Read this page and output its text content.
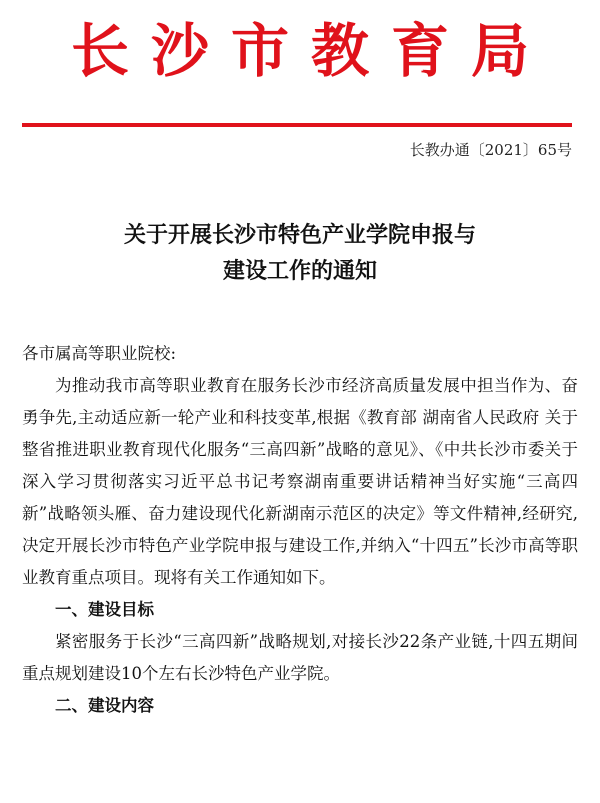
长沙市教育局
长教办通〔2021〕65号
关于开展长沙市特色产业学院申报与
建设工作的通知

各市属高等职业院校:

为推动我市高等职业教育在服务长沙市经济高质量发展中担当作为、奋勇争先,主动适应新一轮产业和科技变革,根据《教育部 湖南省人民政府 关于整省推进职业教育现代化服务“三高四新”战略的意见》、《中共长沙市委关于深入学习贯彻落实习近平总书记考察湖南重要讲话精神当好实施“三高四新”战略领头雁、奋力建设现代化新湖南示范区的决定》等文件精神,经研究,决定开展长沙市特色产业学院申报与建设工作,并纳入“十四五”长沙市高等职业教育重点项目。现将有关工作通知如下。

一、建设目标

紧密服务于长沙“三高四新”战略规划,对接长沙22条产业链,十四五期间重点规划建设10个左右长沙特色产业学院。

二、建设内容
